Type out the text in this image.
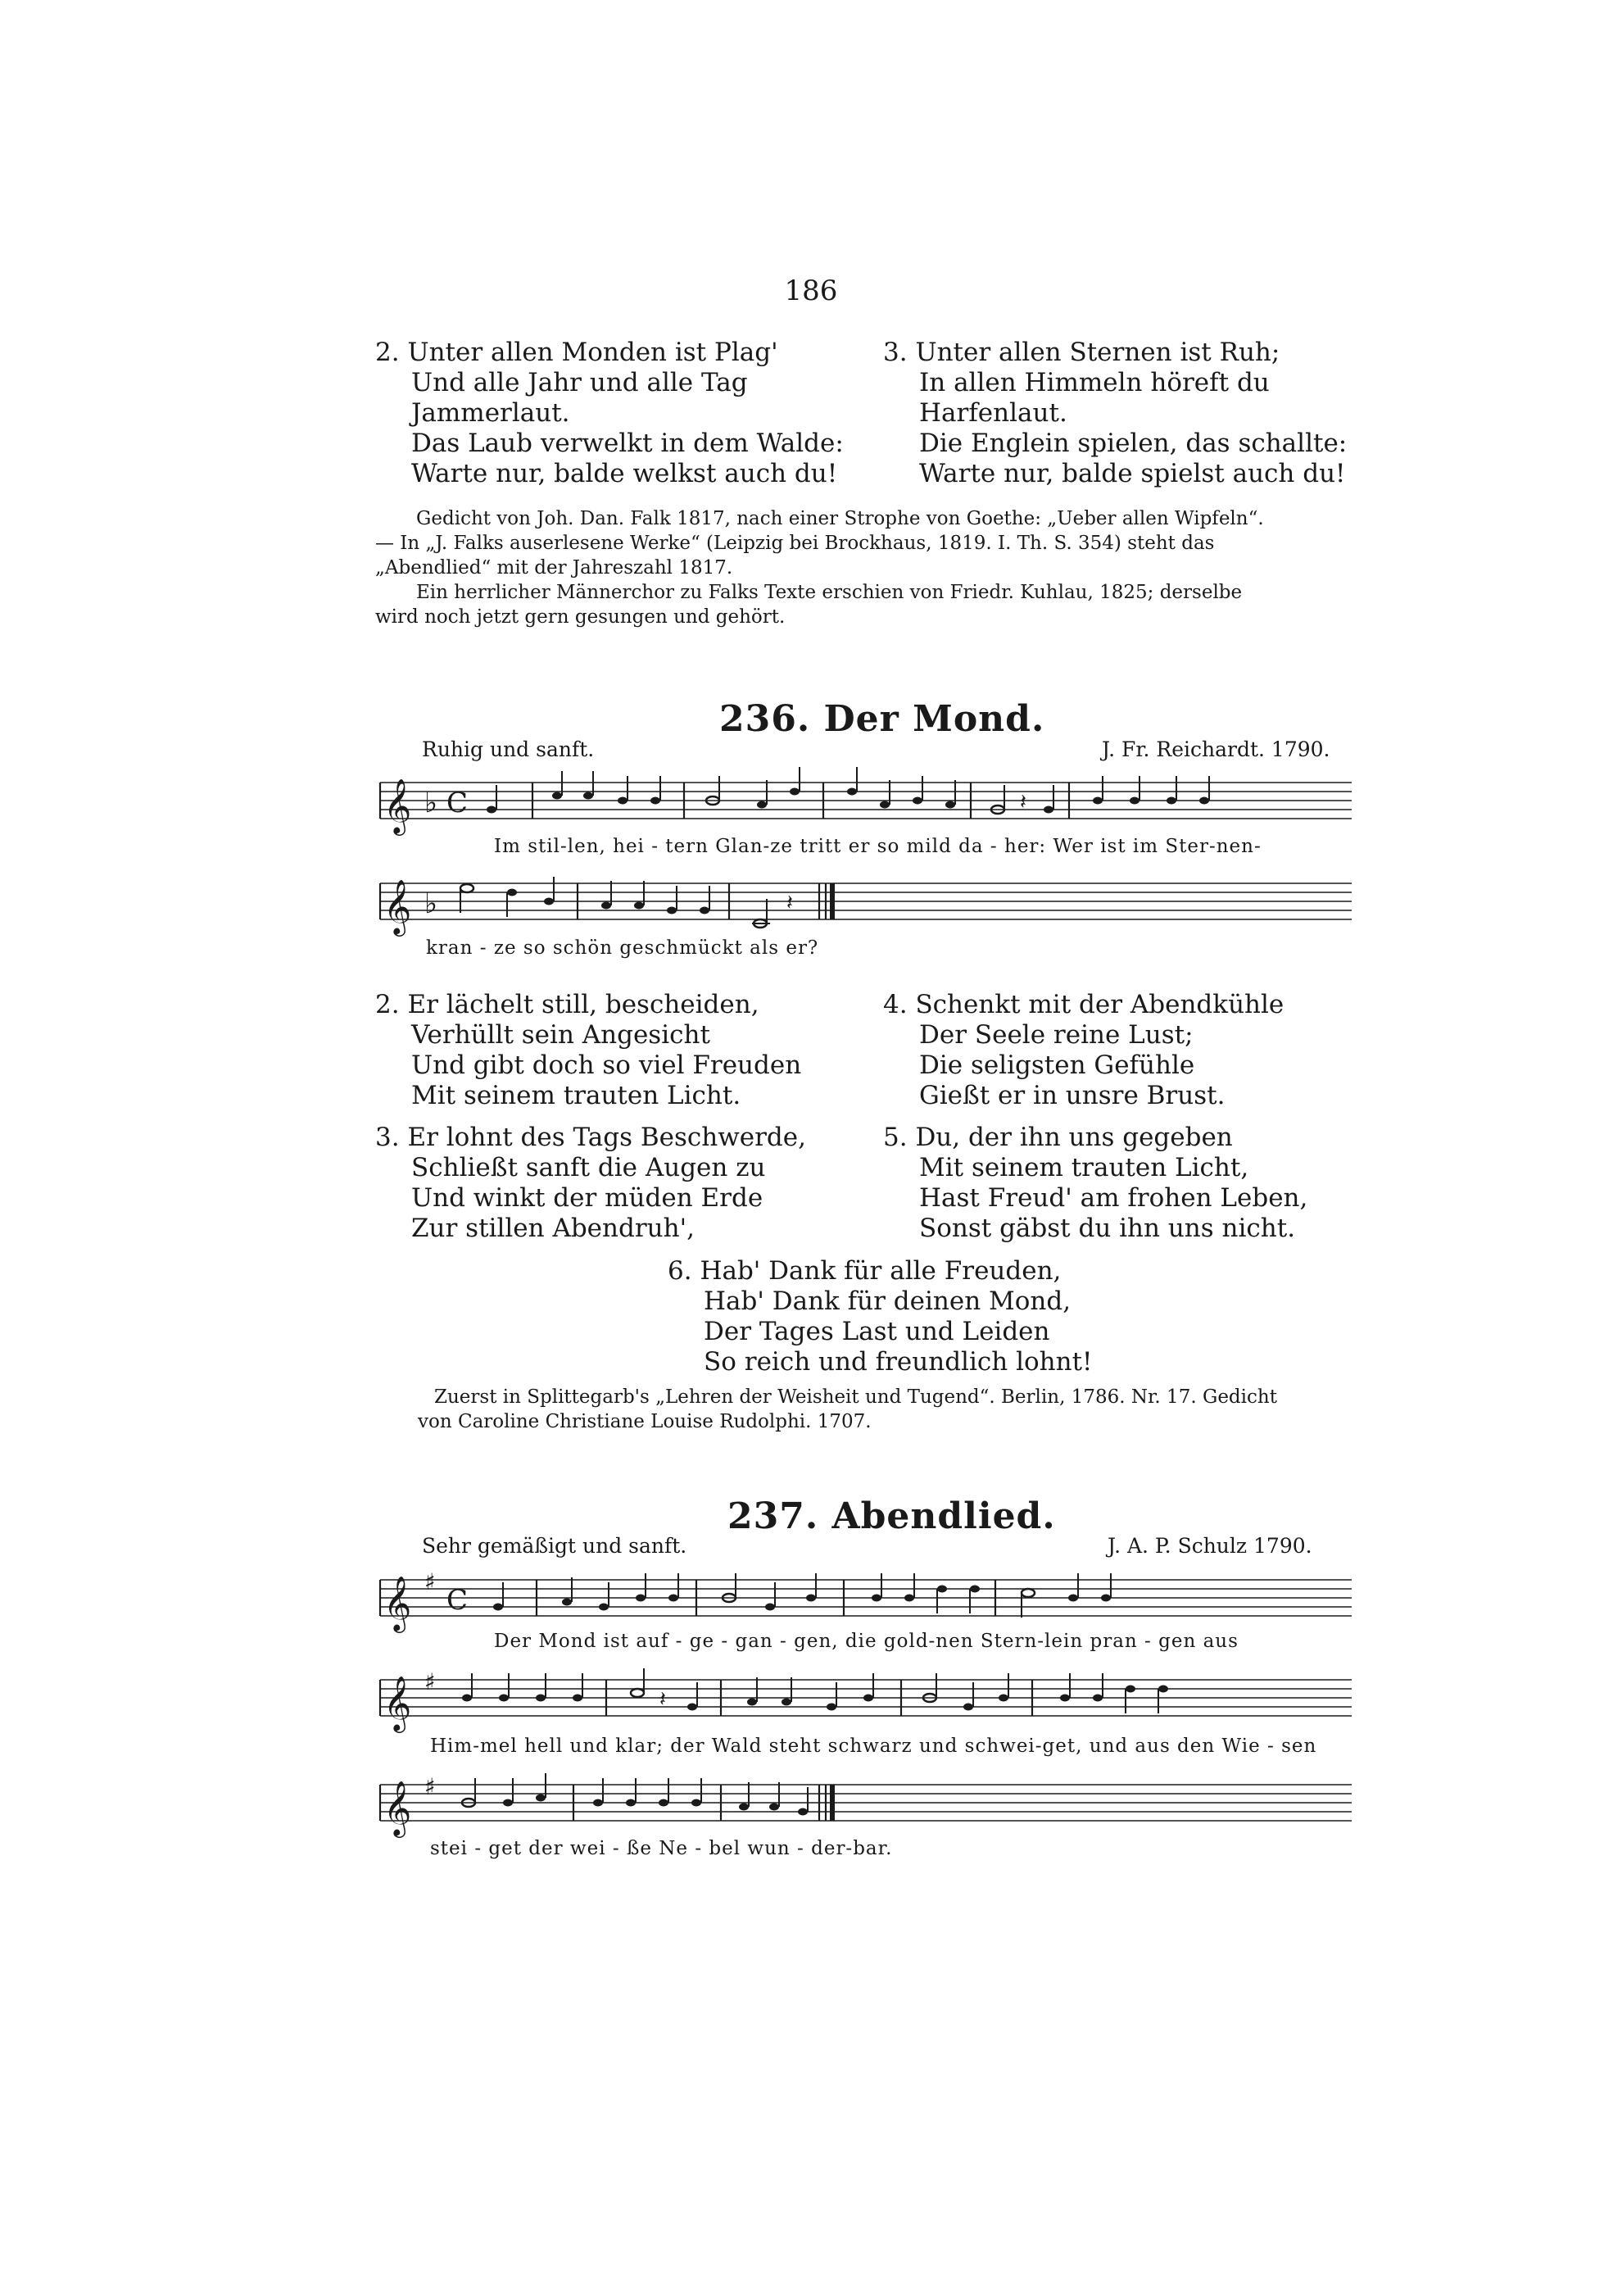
186
2. Unter allen Monden ist Plag'
Und alle Jahr und alle Tag
Jammerlaut.
Das Laub verwelkt in dem Walde:
Warte nur, balde welkst auch du!
3. Unter allen Sternen ist Ruh;
In allen Himmeln höreft du
Harfenlaut.
Die Englein spielen, das schallte:
Warte nur, balde spielst auch du!
Gedicht von Joh. Dan. Falk 1817, nach einer Strophe von Goethe: „Ueber allen Wipfeln“.
— In „J. Falks auserlesene Werke“ (Leipzig bei Brockhaus, 1819. I. Th. S. 354) steht das
„Abendlied“ mit der Jahreszahl 1817.
Ein herrlicher Männerchor zu Falks Texte erschien von Friedr. Kuhlau, 1825; derselbe
wird noch jetzt gern gesungen und gehört.
236. Der Mond.
Ruhig und sanft.	J. Fr. Reichardt. 1790.
𝄞 ♭ C	𝄽
Im stil-len, hei - tern Glan-ze tritt er so mild da - her: Wer ist im Ster-nen-
𝄞 ♭	𝄽
kran - ze so schön geschmückt als er?
2. Er lächelt still, bescheiden,
Verhüllt sein Angesicht
Und gibt doch so viel Freuden
Mit seinem trauten Licht.
3. Er lohnt des Tags Beschwerde,
Schließt sanft die Augen zu
Und winkt der müden Erde
Zur stillen Abendruh',
4. Schenkt mit der Abendkühle
Der Seele reine Lust;
Die seligsten Gefühle
Gießt er in unsre Brust.
5. Du, der ihn uns gegeben
Mit seinem trauten Licht,
Hast Freud' am frohen Leben,
Sonst gäbst du ihn uns nicht.
6. Hab' Dank für alle Freuden,
Hab' Dank für deinen Mond,
Der Tages Last und Leiden
So reich und freundlich lohnt!
Zuerst in Splittegarb's „Lehren der Weisheit und Tugend“. Berlin, 1786. Nr. 17. Gedicht
von Caroline Christiane Louise Rudolphi. 1707.
237. Abendlied.
Sehr gemäßigt und sanft.	J. A. P. Schulz 1790.
𝄞 ♯
C
Der Mond ist auf - ge - gan - gen, die gold-nen Stern-lein pran - gen aus
𝄞 ♯
𝄽
Him-mel hell und klar; der Wald steht schwarz und schwei-get, und aus den Wie - sen
𝄞 ♯
stei - get der wei - ße Ne - bel wun - der-bar.
